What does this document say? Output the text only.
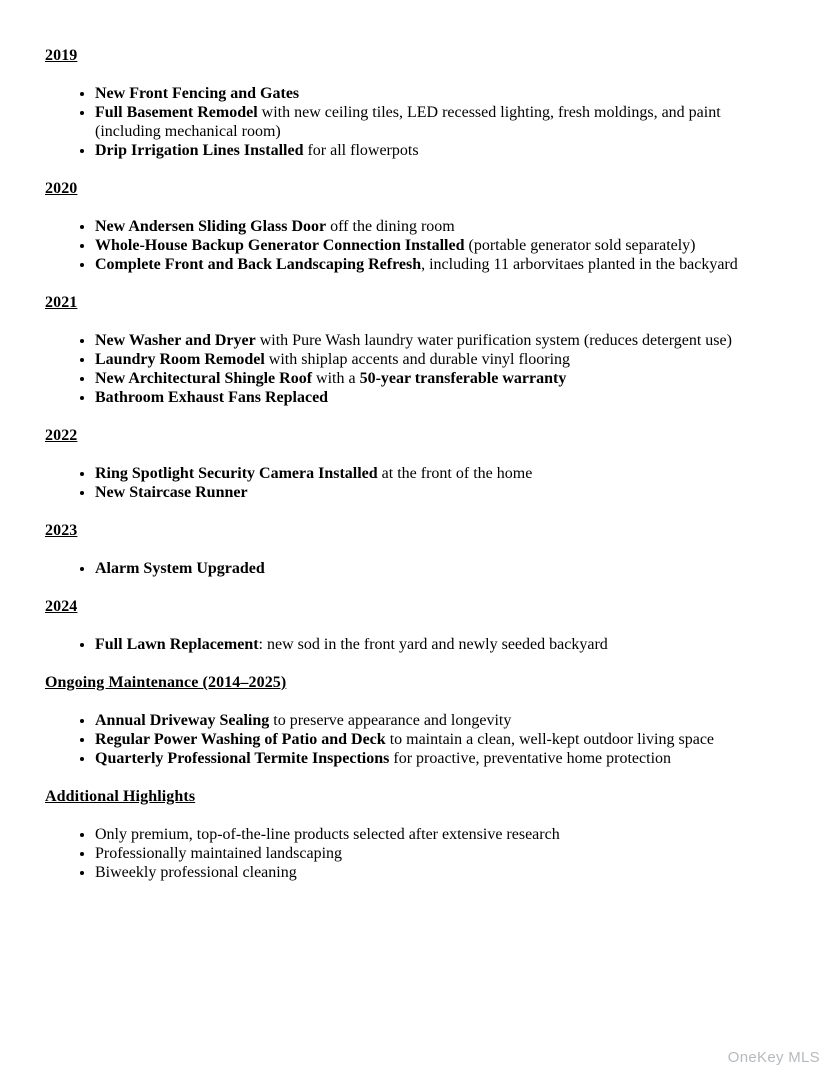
2019
• New Front Fencing and Gates
• Full Basement Remodel with new ceiling tiles, LED recessed lighting, fresh moldings, and paint
(including mechanical room)
• Drip Irrigation Lines Installed for all flowerpots
2020
• New Andersen Sliding Glass Door off the dining room
• Whole-House Backup Generator Connection Installed (portable generator sold separately)
• Complete Front and Back Landscaping Refresh, including 11 arborvitaes planted in the backyard
2021
• New Washer and Dryer with Pure Wash laundry water purification system (reduces detergent use)
• Laundry Room Remodel with shiplap accents and durable vinyl flooring
• New Architectural Shingle Roof with a 50-year transferable warranty
• Bathroom Exhaust Fans Replaced
2022
• Ring Spotlight Security Camera Installed at the front of the home
• New Staircase Runner
2023
• Alarm System Upgraded
2024
• Full Lawn Replacement: new sod in the front yard and newly seeded backyard
Ongoing Maintenance (2014–2025)
• Annual Driveway Sealing to preserve appearance and longevity
• Regular Power Washing of Patio and Deck to maintain a clean, well-kept outdoor living space
• Quarterly Professional Termite Inspections for proactive, preventative home protection
Additional Highlights
• Only premium, top-of-the-line products selected after extensive research
• Professionally maintained landscaping
• Biweekly professional cleaning
OneKey MLS
